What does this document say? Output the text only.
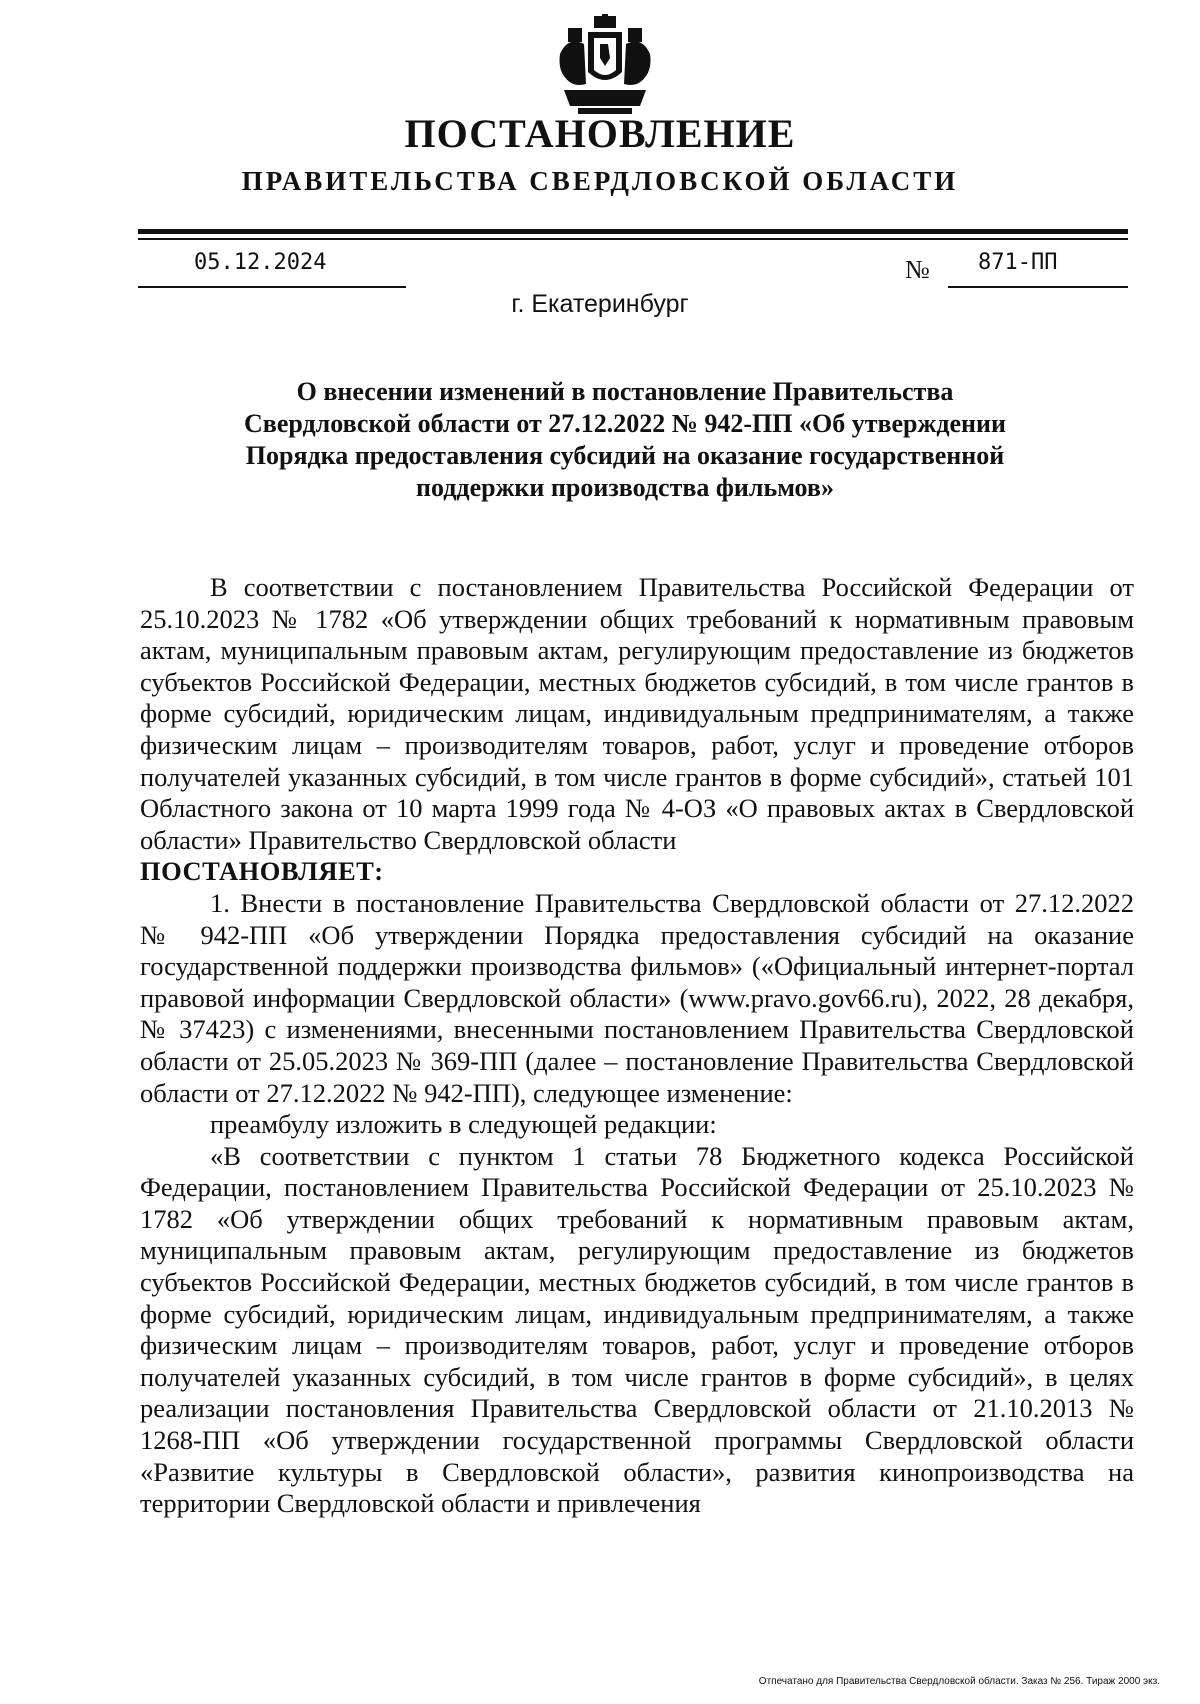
ПОСТАНОВЛЕНИЕ
ПРАВИТЕЛЬСТВА СВЕРДЛОВСКОЙ ОБЛАСТИ
05.12.2024	№ 871-ПП
г. Екатеринбург
О внесении изменений в постановление Правительства
Свердловской области от 27.12.2022 № 942-ПП «Об утверждении
Порядка предоставления субсидий на оказание государственной
поддержки производства фильмов»

В соответствии с постановлением Правительства Российской Федерации от 25.10.2023 № 1782 «Об утверждении общих требований к нормативным правовым актам, муниципальным правовым актам, регулирующим предоставление из бюджетов субъектов Российской Федерации, местных бюджетов субсидий, в том числе грантов в форме субсидий, юридическим лицам, индивидуальным предпринимателям, а также физическим лицам – производителям товаров, работ, услуг и проведение отборов получателей указанных субсидий, в том числе грантов в форме субсидий», статьей 101 Областного закона от 10 марта 1999 года № 4-ОЗ «О правовых актах в Свердловской области» Правительство Свердловской области

ПОСТАНОВЛЯЕТ:

1. Внести в постановление Правительства Свердловской области от 27.12.2022 № 942-ПП «Об утверждении Порядка предоставления субсидий на оказание государственной поддержки производства фильмов» («Официальный интернет-портал правовой информации Свердловской области» (www.pravo.gov66.ru), 2022, 28 декабря, № 37423) с изменениями, внесенными постановлением Правительства Свердловской области от 25.05.2023 № 369-ПП (далее – постановление Правительства Свердловской области от 27.12.2022 № 942-ПП), следующее изменение:

преамбулу изложить в следующей редакции:

«В соответствии с пунктом 1 статьи 78 Бюджетного кодекса Российской Федерации, постановлением Правительства Российской Федерации от 25.10.2023 № 1782 «Об утверждении общих требований к нормативным правовым актам, муниципальным правовым актам, регулирующим предоставление из бюджетов субъектов Российской Федерации, местных бюджетов субсидий, в том числе грантов в форме субсидий, юридическим лицам, индивидуальным предпринимателям, а также физическим лицам – производителям товаров, работ, услуг и проведение отборов получателей указанных субсидий, в том числе грантов в форме субсидий», в целях реализации постановления Правительства Свердловской области от 21.10.2013 № 1268-ПП «Об утверждении государственной программы Свердловской области «Развитие культуры в Свердловской области», развития кинопроизводства на территории Свердловской области и привлечения

Отпечатано для Правительства Свердловской области. Заказ № 256. Тираж 2000 экз.
